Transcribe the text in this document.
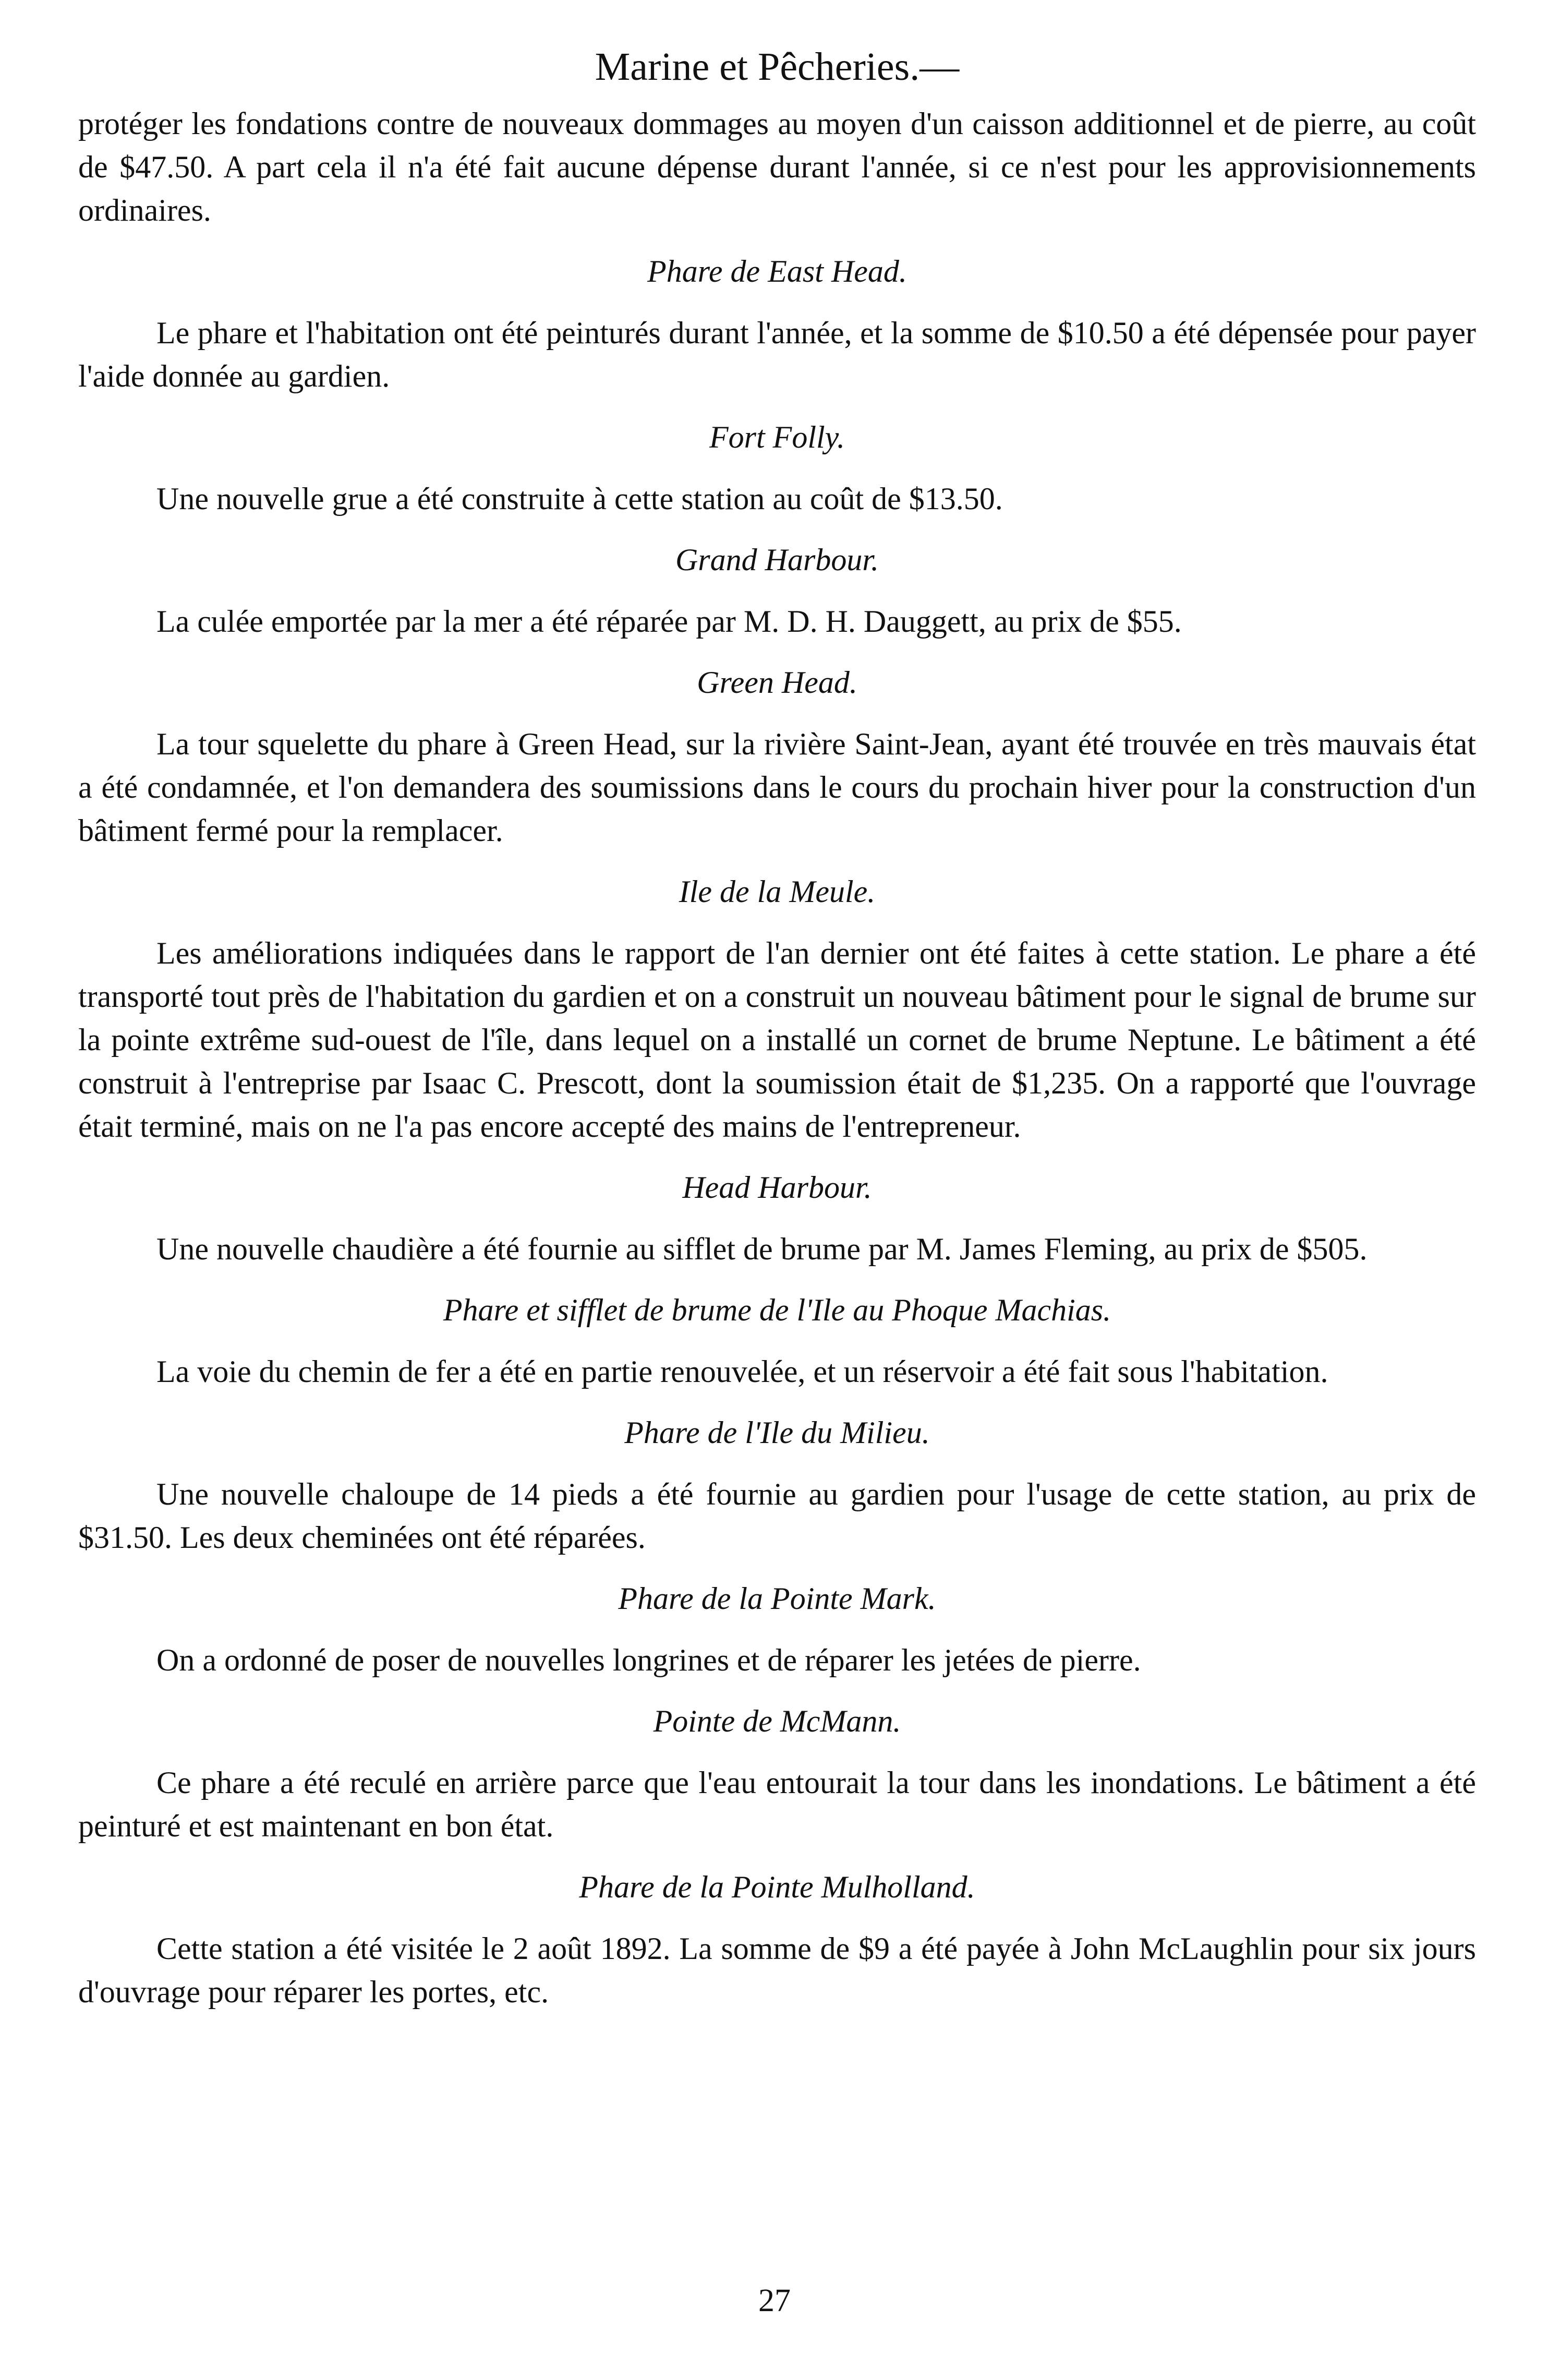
Marine et Pêcheries.—

protéger les fondations contre de nouveaux dommages au moyen d'un caisson additionnel et de pierre, au coût de $47.50. A part cela il n'a été fait aucune dépense durant l'année, si ce n'est pour les approvisionnements ordinaires.

Phare de East Head.

Le phare et l'habitation ont été peinturés durant l'année, et la somme de $10.50 a été dépensée pour payer l'aide donnée au gardien.

Fort Folly.

Une nouvelle grue a été construite à cette station au coût de $13.50.

Grand Harbour.

La culée emportée par la mer a été réparée par M. D. H. Dauggett, au prix de $55.

Green Head.

La tour squelette du phare à Green Head, sur la rivière Saint-Jean, ayant été trouvée en très mauvais état a été condamnée, et l'on demandera des soumissions dans le cours du prochain hiver pour la construction d'un bâtiment fermé pour la remplacer.

Ile de la Meule.

Les améliorations indiquées dans le rapport de l'an dernier ont été faites à cette station. Le phare a été transporté tout près de l'habitation du gardien et on a construit un nouveau bâtiment pour le signal de brume sur la pointe extrême sud-ouest de l'île, dans lequel on a installé un cornet de brume Neptune. Le bâtiment a été construit à l'entreprise par Isaac C. Prescott, dont la soumission était de $1,235. On a rapporté que l'ouvrage était terminé, mais on ne l'a pas encore accepté des mains de l'entrepreneur.

Head Harbour.

Une nouvelle chaudière a été fournie au sifflet de brume par M. James Fleming, au prix de $505.

Phare et sifflet de brume de l'Ile au Phoque Machias.

La voie du chemin de fer a été en partie renouvelée, et un réservoir a été fait sous l'habitation.

Phare de l'Ile du Milieu.

Une nouvelle chaloupe de 14 pieds a été fournie au gardien pour l'usage de cette station, au prix de $31.50. Les deux cheminées ont été réparées.

Phare de la Pointe Mark.

On a ordonné de poser de nouvelles longrines et de réparer les jetées de pierre.

Pointe de McMann.

Ce phare a été reculé en arrière parce que l'eau entourait la tour dans les inondations. Le bâtiment a été peinturé et est maintenant en bon état.

Phare de la Pointe Mulholland.

Cette station a été visitée le 2 août 1892. La somme de $9 a été payée à John McLaughlin pour six jours d'ouvrage pour réparer les portes, etc.

27
